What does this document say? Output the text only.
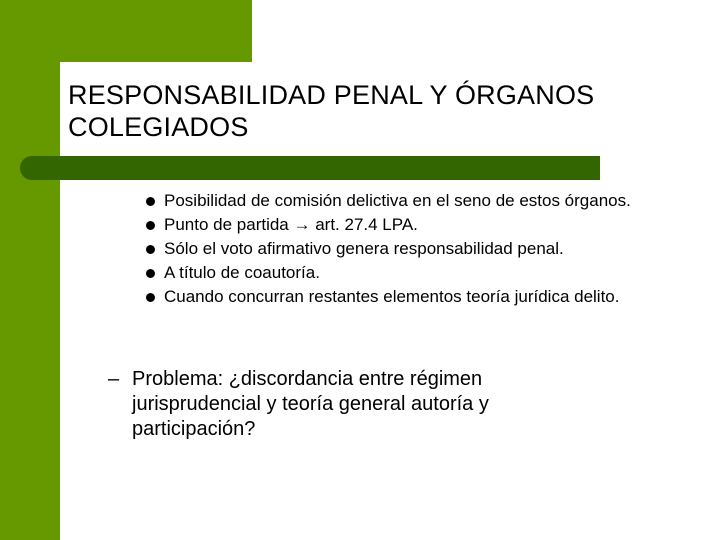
RESPONSABILIDAD PENAL Y ÓRGANOS COLEGIADOS
Posibilidad de comisión delictiva en el seno de estos órganos.
Punto de partida → art. 27.4 LPA.
Sólo el voto afirmativo genera responsabilidad penal.
A título de coautoría.
Cuando concurran restantes elementos teoría jurídica delito.
– Problema: ¿discordancia entre régimen jurisprudencial y teoría general autoría y participación?
